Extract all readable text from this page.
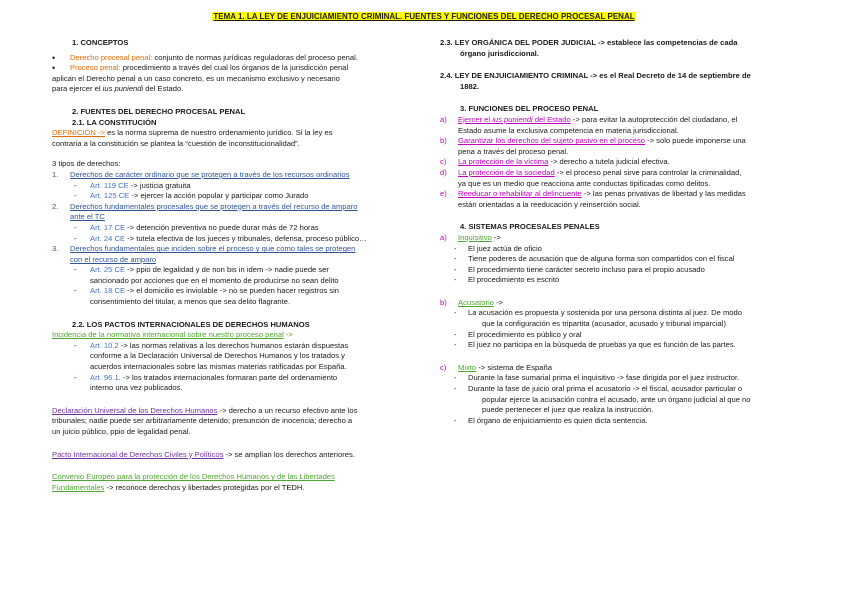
TEMA 1. LA LEY DE ENJUICIAMIENTO CRIMINAL. FUENTES Y FUNCIONES DEL DERECHO PROCESAL PENAL

1. CONCEPTOS

•	Derecho procesal penal: conjunto de normas jurídicas reguladoras del proceso penal.
•	Proceso penal: procedimiento a través del cual los órganos de la jurisdicción penal

aplican el Derecho penal a un caso concreto, es un mecanismo exclusivo y necesario

para ejercer el ius puniendi del Estado.

2. FUENTES DEL DERECHO PROCESAL PENAL

2.1. LA CONSTITUCIÓN

DEFINICIÓN -> es la norma suprema de nuestro ordenamiento jurídico. Si la ley es

contraria a la constitución se plantea la “cuestión de inconstitucionalidad”.

3 tipos de derechos:

1.	Derechos de carácter ordinario que se protegen a través de los recursos ordinarios
-	Art. 119 CE -> justicia gratuita
-	Art. 125 CE -> ejercer la acción popular y participar como Jurado
2.	Derechos fundamentales procesales que se protegen a través del recurso de amparo

ante el TC

-	Art. 17 CE -> detención preventiva no puede durar más de 72 horas
-	Art. 24 CE -> tutela efectiva de los jueces y tribunales, defensa, proceso público…
3.	Derechos fundamentales que inciden sobre el proceso y que como tales se protegen

con el recurso de amparo

-	Art. 25 CE -> ppio de legalidad y de non bis in idem -> nadie puede ser

sancionado por acciones que en el momento de producirse no sean delito

-	Art. 18 CE -> el domicilio es inviolable -> no se pueden hacer registros sin

consentimiento del titular, a menos que sea delito flagrante.

2.2. LOS PACTOS INTERNACIONALES DE DERECHOS HUMANOS

Incidencia de la normativa internacional sobre nuestro proceso penal ->

-	Art. 10.2 -> las normas relativas a los derechos humanos estarán dispuestas

conforme a la Declaración Universal de Derechos Humanos y los tratados y

acuerdos internacionales sobre las mismas materias ratificadas por España.

-	Art. 96.1. -> los tratados internacionales formaran parte del ordenamiento

interno una vez publicados.

Declaración Universal de los Derechos Humanos -> derecho a un recurso efectivo ante los

tribunales; nadie puede ser arbitrariamente detenido; presunción de inocencia; derecho a

un juicio público, ppio de legalidad penal.

Pacto Internacional de Derechos Civiles y Políticos -> se amplían los derechos anteriores.

Convenio Europeo para la protección de los Derechos Humanos y de las Libertades

Fundamentales -> reconoce derechos y libertades protegidas por el TEDH.

2.3. LEY ORGÁNICA DEL PODER JUDICIAL -> establece las competencias de cada

órgano jurisdiccional.

2.4. LEY DE ENJUICIAMIENTO CRIMINAL -> es el Real Decreto de 14 de septiembre de

1882.

3. FUNCIONES DEL PROCESO PENAL

a)	Ejercer el ius puniendi del Estado -> para evitar la autoprotección del ciudadano, el

Estado asume la exclusiva competencia en materia jurisdiccional.

b)	Garantizar los derechos del sujeto pasivo en el proceso -> solo puede imponerse una

pena a través del proceso penal.

c)	La protección de la víctima -> derecho a tutela judicial efectiva.
d)	La protección de la sociedad -> el proceso penal sirve para controlar la criminalidad,

ya que es un medio que reacciona ante conductas tipificadas como delitos.

e)	Reeducar o rehabilitar al delincuente -> las penas privativas de libertad y las medidas

están orientadas a la reeducación y reinserción social.

4. SISTEMAS PROCESALES PENALES

a)	Inquisitivo ->
-	El juez actúa de oficio
-	Tiene poderes de acusación que de alguna forma son compartidos con el fiscal
-	El procedimiento tiene carácter secreto incluso para el propio acusado
-	El procedimiento es escrito
b)	Acusatorio ->
-	La acusación es propuesta y sostenida por una persona distinta al juez. De modo

que la configuración es tripartita (acusador, acusado y tribunal imparcial)

-	El procedimiento es público y oral
-	El juez no participa en la búsqueda de pruebas ya que es función de las partes.
c)	Mixto -> sistema de España
-	Durante la fase sumarial prima el inquisitivo -> fase dirigida por el juez instructor.
-	Durante la fase de juicio oral prima el acusatorio -> el fiscal, acusador particular o

popular ejerce la acusación contra el acusado, ante un órgano judicial al que no

puede pertenecer el juez que realiza la instrucción.

-	El órgano de enjuiciamiento es quien dicta sentencia.
